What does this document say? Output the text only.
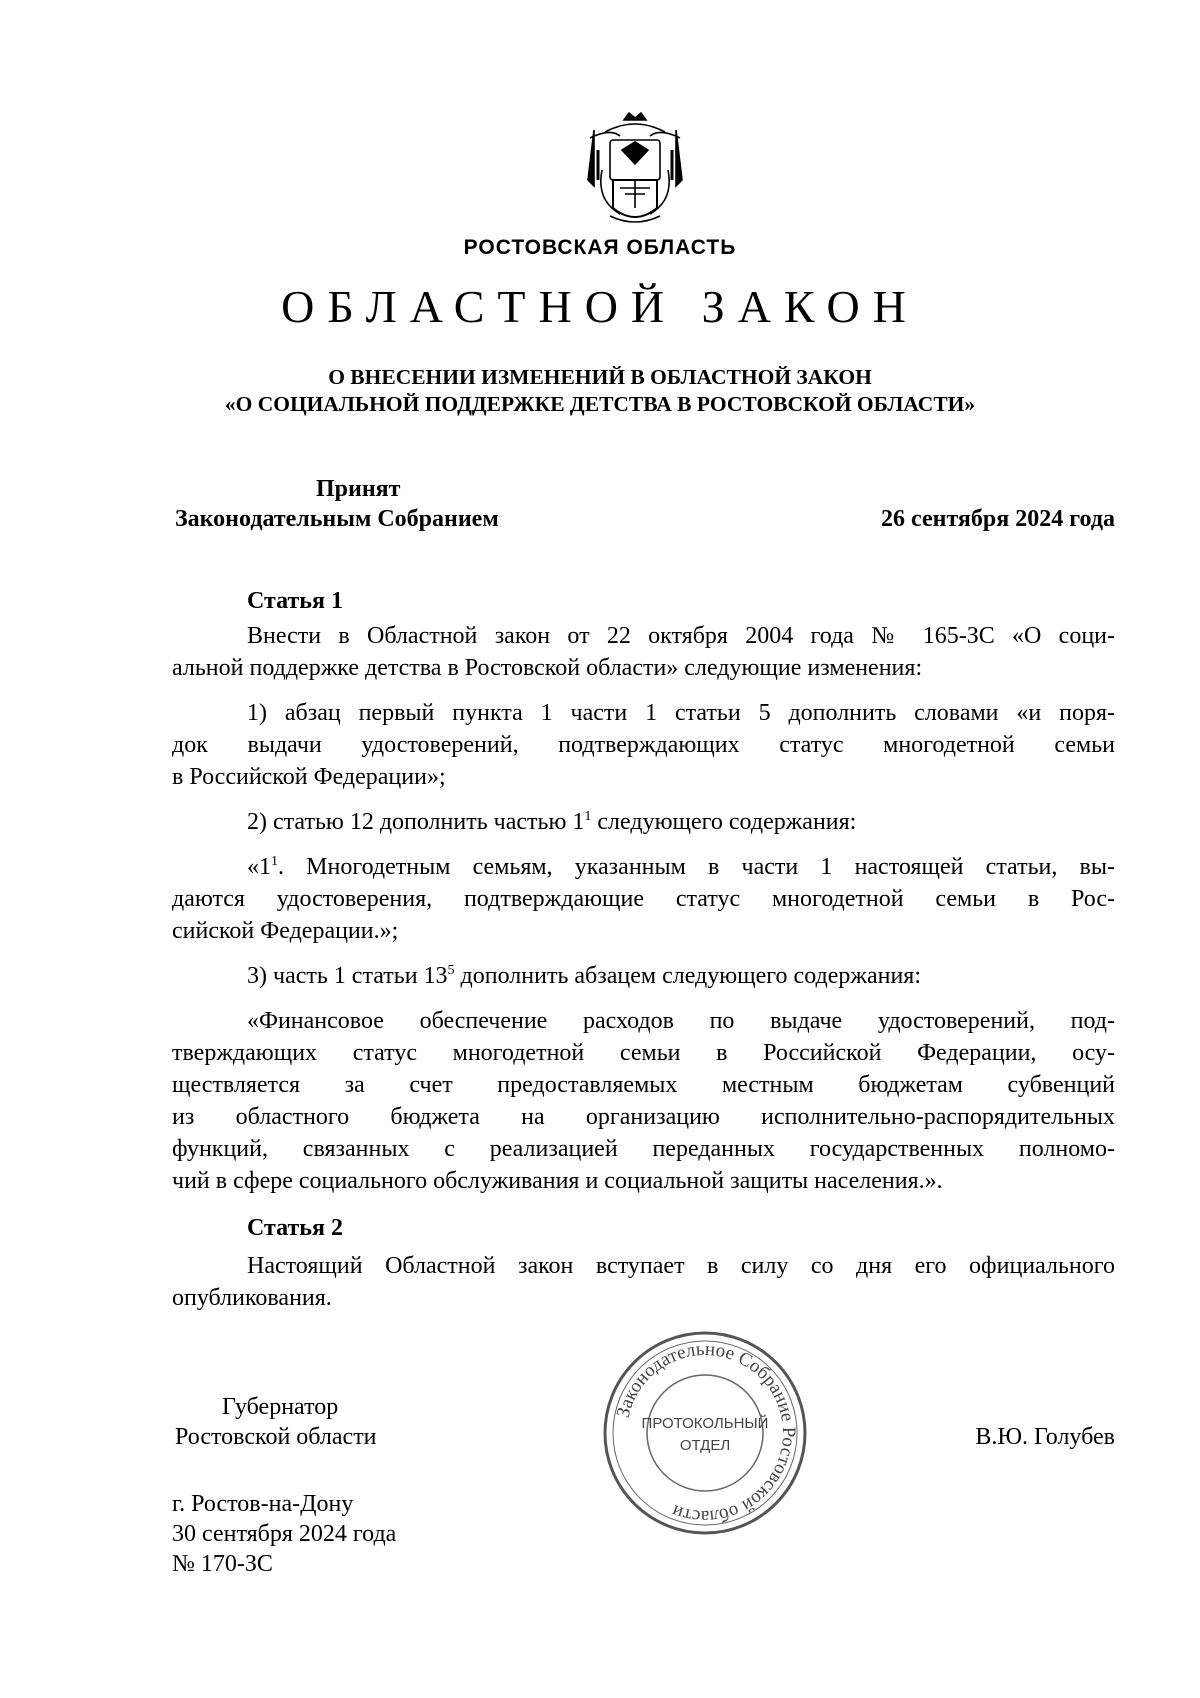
РОСТОВСКАЯ ОБЛАСТЬ
ОБЛАСТНОЙ ЗАКОН
О ВНЕСЕНИИ ИЗМЕНЕНИЙ В ОБЛАСТНОЙ ЗАКОН
«О СОЦИАЛЬНОЙ ПОДДЕРЖКЕ ДЕТСТВА В РОСТОВСКОЙ ОБЛАСТИ»
Принят
Законодательным Собранием	26 сентября 2024 года
Статья 1
Внести в Областной закон от 22 октября 2004 года № 165-ЗС «О соци-
альной поддержке детства в Ростовской области» следующие изменения:
1) абзац первый пункта 1 части 1 статьи 5 дополнить словами «и поря-
док выдачи удостоверений, подтверждающих статус многодетной семьи
в Российской Федерации»;
2) статью 12 дополнить частью $1^1$ следующего содержания:
«$1^1$. Многодетным семьям, указанным в части 1 настоящей статьи, вы-
даются удостоверения, подтверждающие статус многодетной семьи в Рос-
сийской Федерации.»;
3) часть 1 статьи $13^5$ дополнить абзацем следующего содержания:
«Финансовое обеспечение расходов по выдаче удостоверений, под-
тверждающих статус многодетной семьи в Российской Федерации, осу-
ществляется за счет предоставляемых местным бюджетам субвенций
из областного бюджета на организацию исполнительно-распорядительных
функций, связанных с реализацией переданных государственных полномо-
чий в сфере социального обслуживания и социальной защиты населения.».
Статья 2
Настоящий Областной закон вступает в силу со дня его официального
опубликования.
Законодательное Собрание Ростовской области
ПРОТОКОЛЬНЫЙ
ОТДЕЛ
Губернатор
Ростовской области	В.Ю. Голубев
г. Ростов-на-Дону
30 сентября 2024 года
№ 170-ЗС
